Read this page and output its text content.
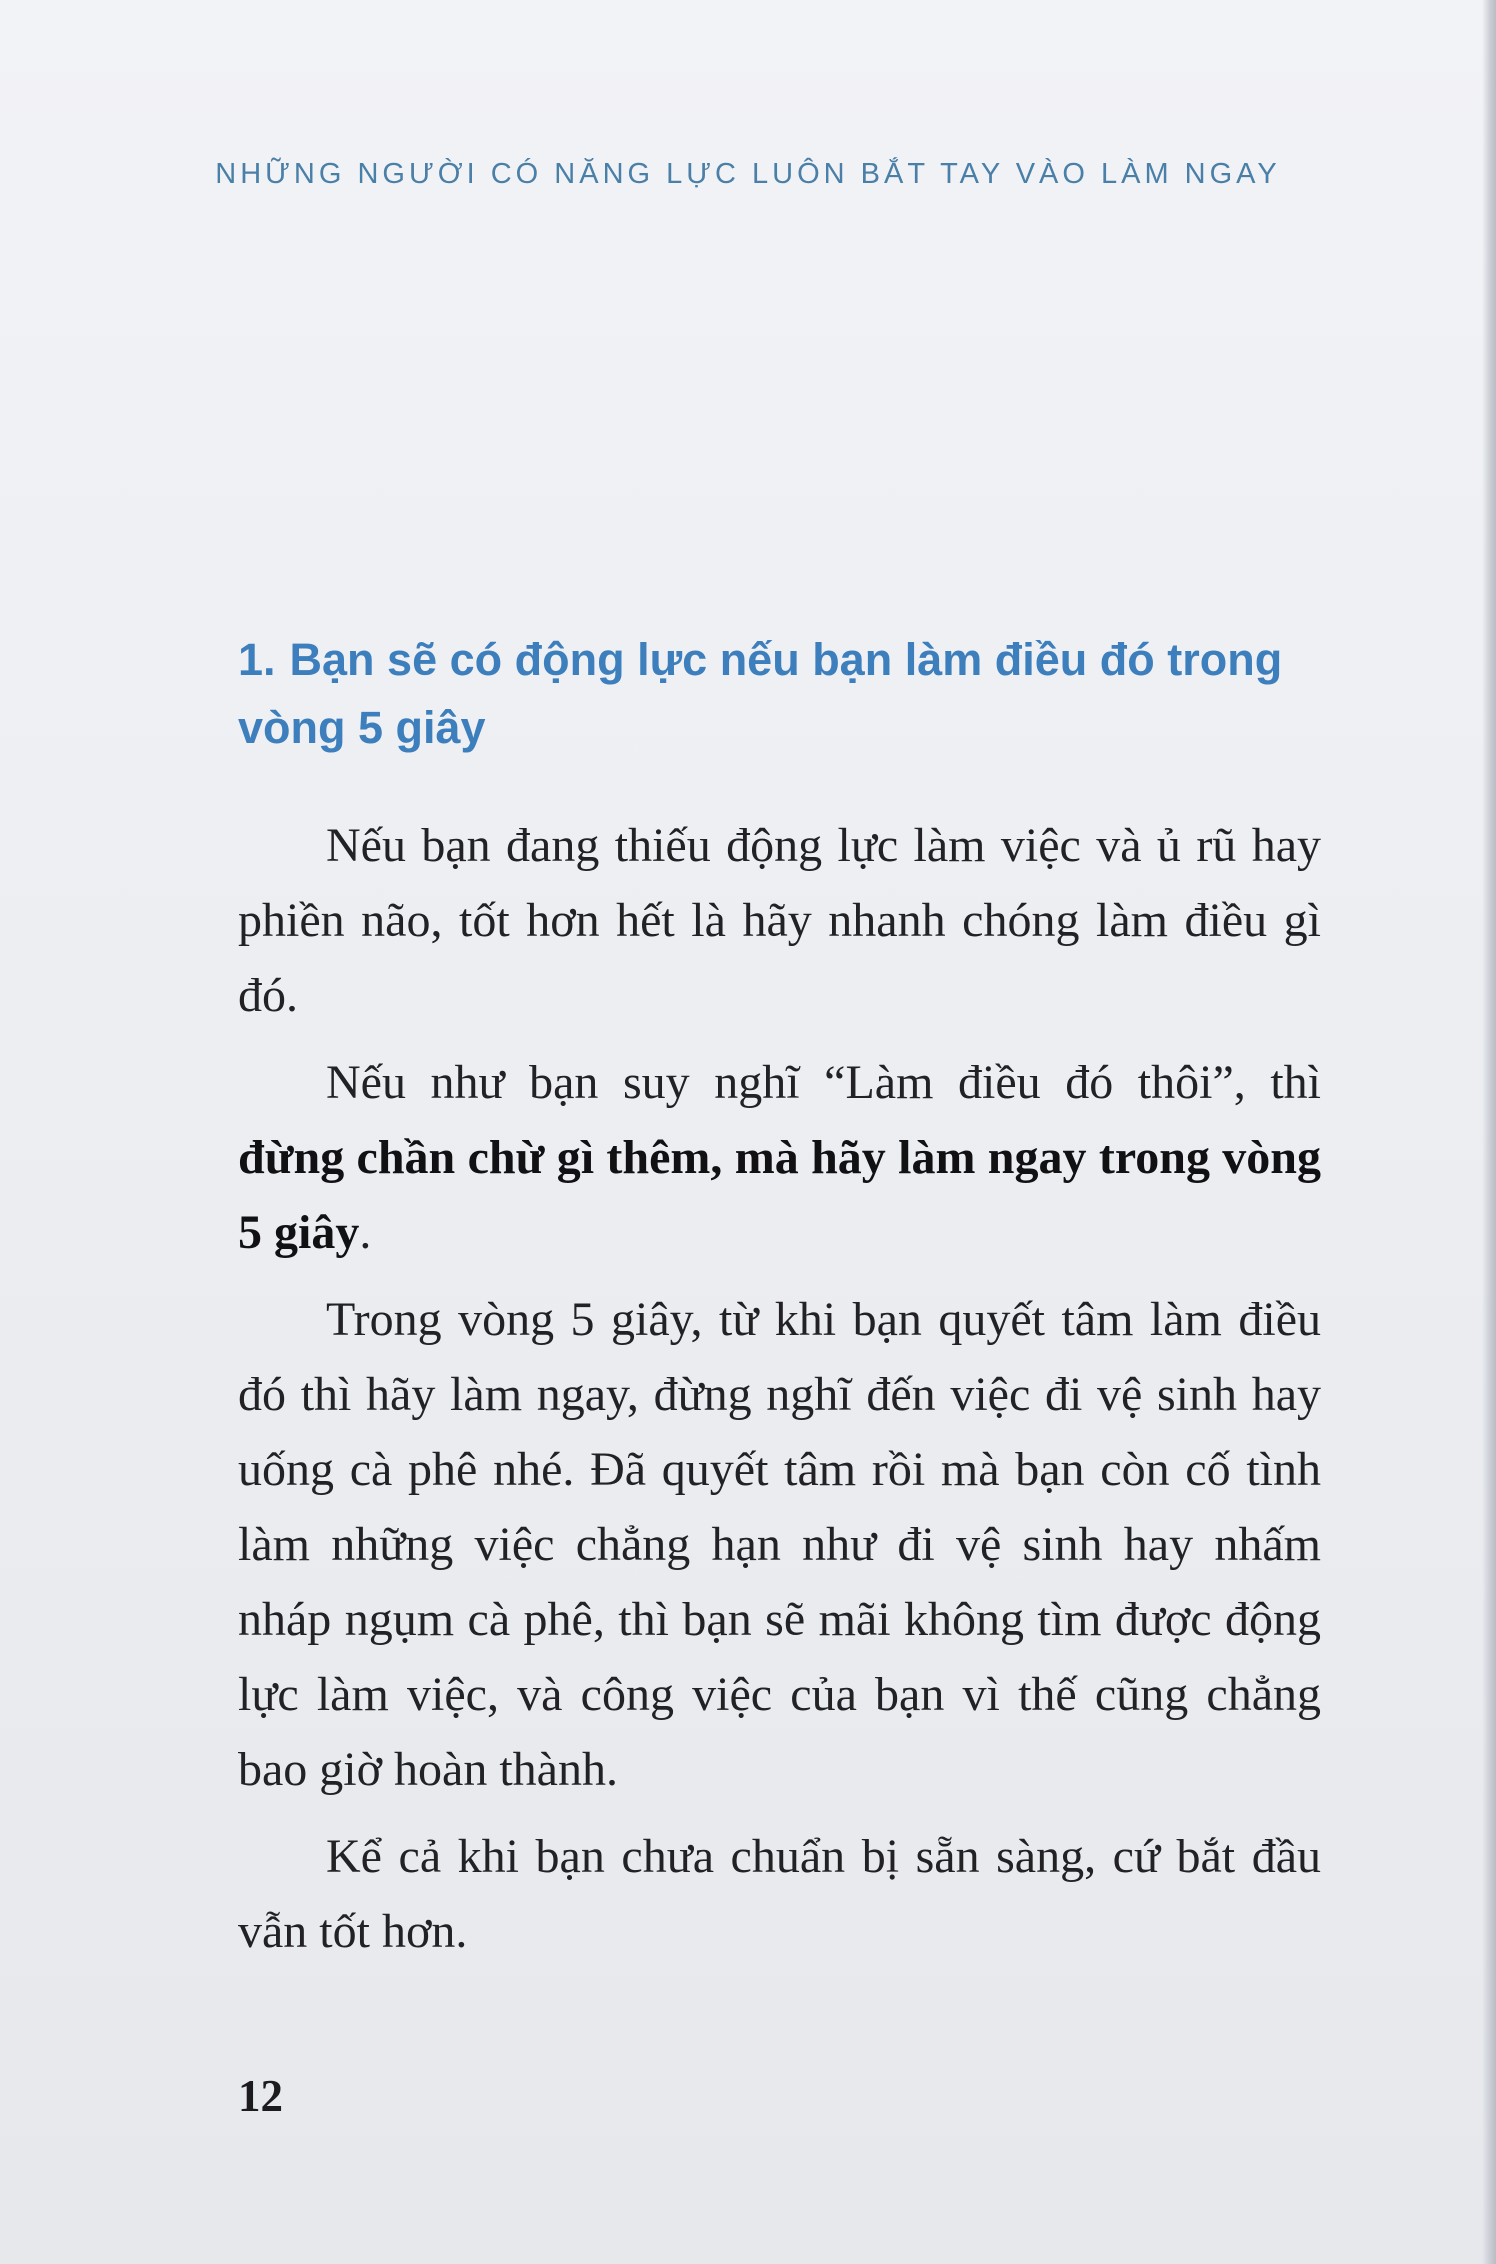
NHỮNG NGƯỜI CÓ NĂNG LỰC LUÔN BẮT TAY VÀO LÀM NGAY
1. Bạn sẽ có động lực nếu bạn làm điều đó trong vòng 5 giây

Nếu bạn đang thiếu động lực làm việc và ủ rũ hay phiền não, tốt hơn hết là hãy nhanh chóng làm điều gì đó.

Nếu như bạn suy nghĩ “Làm điều đó thôi”, thì đừng chần chừ gì thêm, mà hãy làm ngay trong vòng 5 giây.

Trong vòng 5 giây, từ khi bạn quyết tâm làm điều đó thì hãy làm ngay, đừng nghĩ đến việc đi vệ sinh hay uống cà phê nhé. Đã quyết tâm rồi mà bạn còn cố tình làm những việc chẳng hạn như đi vệ sinh hay nhấm nháp ngụm cà phê, thì bạn sẽ mãi không tìm được động lực làm việc, và công việc của bạn vì thế cũng chẳng bao giờ hoàn thành.

Kể cả khi bạn chưa chuẩn bị sẵn sàng, cứ bắt đầu vẫn tốt hơn.

12
